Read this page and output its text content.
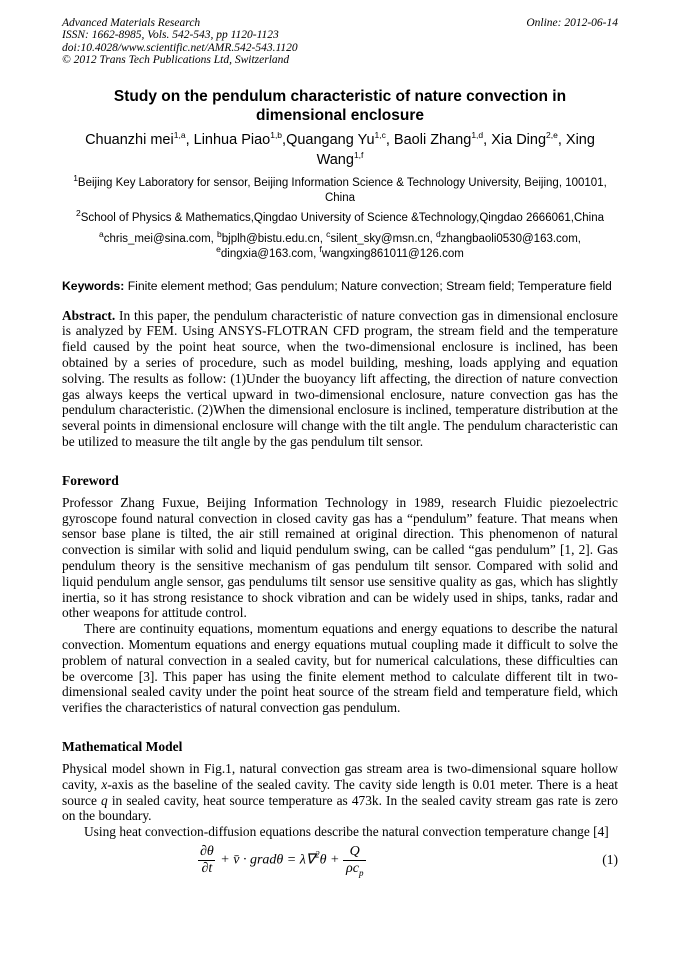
Advanced Materials Research
ISSN: 1662-8985, Vols. 542-543, pp 1120-1123
doi:10.4028/www.scientific.net/AMR.542-543.1120
© 2012 Trans Tech Publications Ltd, Switzerland
Online: 2012-06-14
Study on the pendulum characteristic of nature convection in dimensional enclosure
Chuanzhi mei$^{1,a}$, Linhua Piao$^{1,b}$,Quangang Yu$^{1,c}$, Baoli Zhang$^{1,d}$, Xia Ding$^{2,e}$, Xing Wang$^{1,f}$
$^1$Beijing Key Laboratory for sensor, Beijing Information Science & Technology University, Beijing, 100101, China
$^2$School of Physics & Mathematics,Qingdao University of Science &Technology,Qingdao 2666061,China
$^a$chris_mei@sina.com, $^b$bjplh@bistu.edu.cn, $^c$silent_sky@msn.cn, $^d$zhangbaoli0530@163.com, $^e$dingxia@163.com, $^f$wangxing861011@126.com
Keywords: Finite element method; Gas pendulum; Nature convection; Stream field; Temperature field
Abstract. In this paper, the pendulum characteristic of nature convection gas in dimensional enclosure is analyzed by FEM. Using ANSYS-FLOTRAN CFD program, the stream field and the temperature field caused by the point heat source, when the two-dimensional enclosure is inclined, has been obtained by a series of procedure, such as model building, meshing, loads applying and equation solving. The results as follow: (1)Under the buoyancy lift affecting, the direction of nature convection gas always keeps the vertical upward in two-dimensional enclosure, nature convection gas has the pendulum characteristic. (2)When the dimensional enclosure is inclined, temperature distribution at the several points in dimensional enclosure will change with the tilt angle. The pendulum characteristic can be utilized to measure the tilt angle by the gas pendulum tilt sensor.
Foreword
Professor Zhang Fuxue, Beijing Information Technology in 1989, research Fluidic piezoelectric gyroscope found natural convection in closed cavity gas has a “pendulum” feature. That means when sensor base plane is tilted, the air still remained at original direction. This phenomenon of natural convection is similar with solid and liquid pendulum swing, can be called “gas pendulum” [1, 2]. Gas pendulum theory is the sensitive mechanism of gas pendulum tilt sensor. Compared with solid and liquid pendulum angle sensor, gas pendulums tilt sensor use sensitive quality as gas, which has slightly inertia, so it has strong resistance to shock vibration and can be widely used in ships, tanks, radar and other weapons for attitude control.
There are continuity equations, momentum equations and energy equations to describe the natural convection. Momentum equations and energy equations mutual coupling made it difficult to solve the problem of natural convection in a sealed cavity, but for numerical calculations, these difficulties can be overcome [3]. This paper has using the finite element method to calculate different tilt in two-dimensional sealed cavity under the point heat source of the stream field and temperature field, which verifies the characteristics of natural convection gas pendulum.
Mathematical Model
Physical model shown in Fig.1, natural convection gas stream area is two-dimensional square hollow cavity, x-axis as the baseline of the sealed cavity. The cavity side length is 0.01 meter. There is a heat source q in sealed cavity, heat source temperature as 473k. In the sealed cavity stream gas rate is zero on the boundary.
Using heat convection-diffusion equations describe the natural convection temperature change [4]
$\frac{\partial\theta}{\partial t}$ + v̄ · gradθ = $\lambda\nabla^2\theta + \frac{Q}{\rho c_p}$	(1)
